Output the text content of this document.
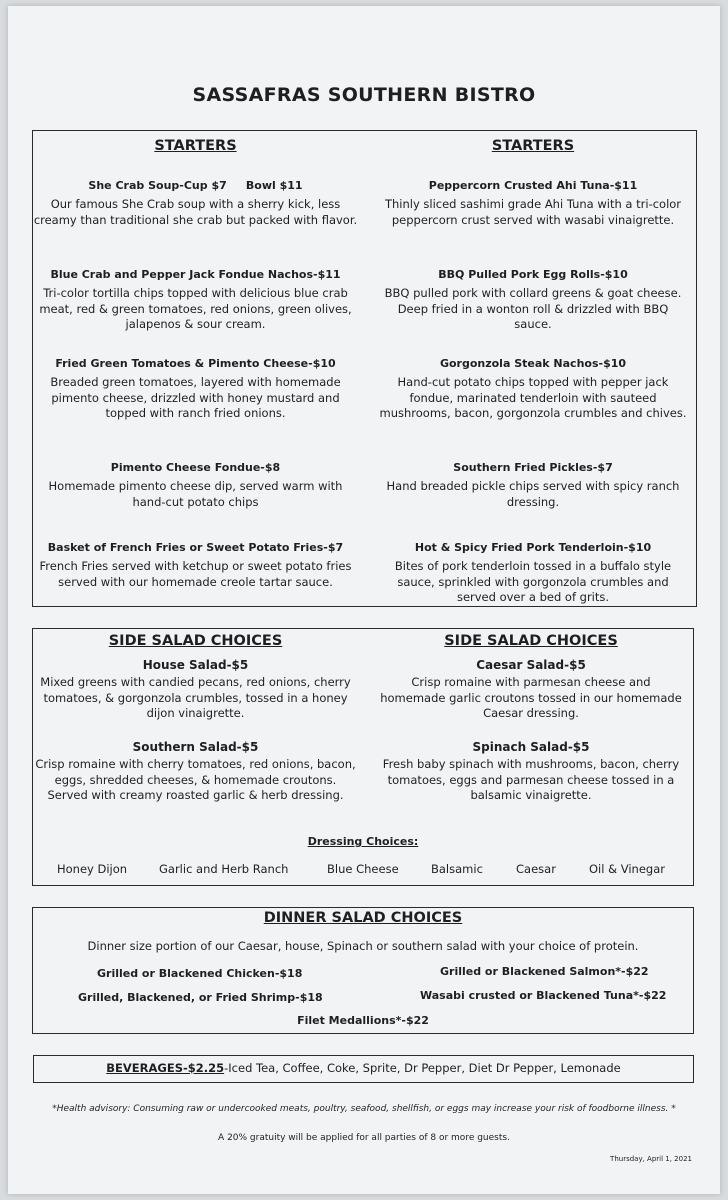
SASSAFRAS SOUTHERN BISTRO
STARTERS

She Crab Soup-Cup $7     Bowl $11

Our famous She Crab soup with a sherry kick, less creamy than traditional she crab but packed with flavor.

Blue Crab and Pepper Jack Fondue Nachos-$11

Tri-color tortilla chips topped with delicious blue crab meat, red & green tomatoes, red onions, green olives, jalapenos & sour cream.

Fried Green Tomatoes & Pimento Cheese-$10

Breaded green tomatoes, layered with homemade pimento cheese, drizzled with honey mustard and topped with ranch fried onions.

Pimento Cheese Fondue-$8

Homemade pimento cheese dip, served warm with hand-cut potato chips

Basket of French Fries or Sweet Potato Fries-$7

French Fries served with ketchup or sweet potato fries served with our homemade creole tartar sauce.

STARTERS

Peppercorn Crusted Ahi Tuna-$11

Thinly sliced sashimi grade Ahi Tuna with a tri-color peppercorn crust served with wasabi vinaigrette.

BBQ Pulled Pork Egg Rolls-$10

BBQ pulled pork with collard greens & goat cheese. Deep fried in a wonton roll & drizzled with BBQ sauce.

Gorgonzola Steak Nachos-$10

Hand-cut potato chips topped with pepper jack fondue, marinated tenderloin with sauteed mushrooms, bacon, gorgonzola crumbles and chives.

Southern Fried Pickles-$7

Hand breaded pickle chips served with spicy ranch dressing.

Hot & Spicy Fried Pork Tenderloin-$10

Bites of pork tenderloin tossed in a buffalo style sauce, sprinkled with gorgonzola crumbles and served over a bed of grits.

SIDE SALAD CHOICES

House Salad-$5

Mixed greens with candied pecans, red onions, cherry tomatoes, & gorgonzola crumbles, tossed in a honey dijon vinaigrette.

Southern Salad-$5

Crisp romaine with cherry tomatoes, red onions, bacon, eggs, shredded cheeses, & homemade croutons. Served with creamy roasted garlic & herb dressing.

SIDE SALAD CHOICES

Caesar Salad-$5

Crisp romaine with parmesan cheese and homemade garlic croutons tossed in our homemade Caesar dressing.

Spinach Salad-$5

Fresh baby spinach with mushrooms, bacon, cherry tomatoes, eggs and parmesan cheese tossed in a balsamic vinaigrette.

Dressing Choices:
Honey Dijon	Garlic and Herb Ranch	Blue Cheese	Balsamic	Caesar	Oil & Vinegar
DINNER SALAD CHOICES
Dinner size portion of our Caesar, house, Spinach or southern salad with your choice of protein.
Grilled or Blackened Chicken-$18	Grilled or Blackened Salmon*-$22
Grilled, Blackened, or Fried Shrimp-$18	Wasabi crusted or Blackened Tuna*-$22
Filet Medallions*-$22
BEVERAGES-$2.25-Iced Tea, Coffee, Coke, Sprite, Dr Pepper, Diet Dr Pepper, Lemonade
*Health advisory: Consuming raw or undercooked meats, poultry, seafood, shellfish, or eggs may increase your risk of foodborne illness. *
A 20% gratuity will be applied for all parties of 8 or more guests.
Thursday, April 1, 2021
